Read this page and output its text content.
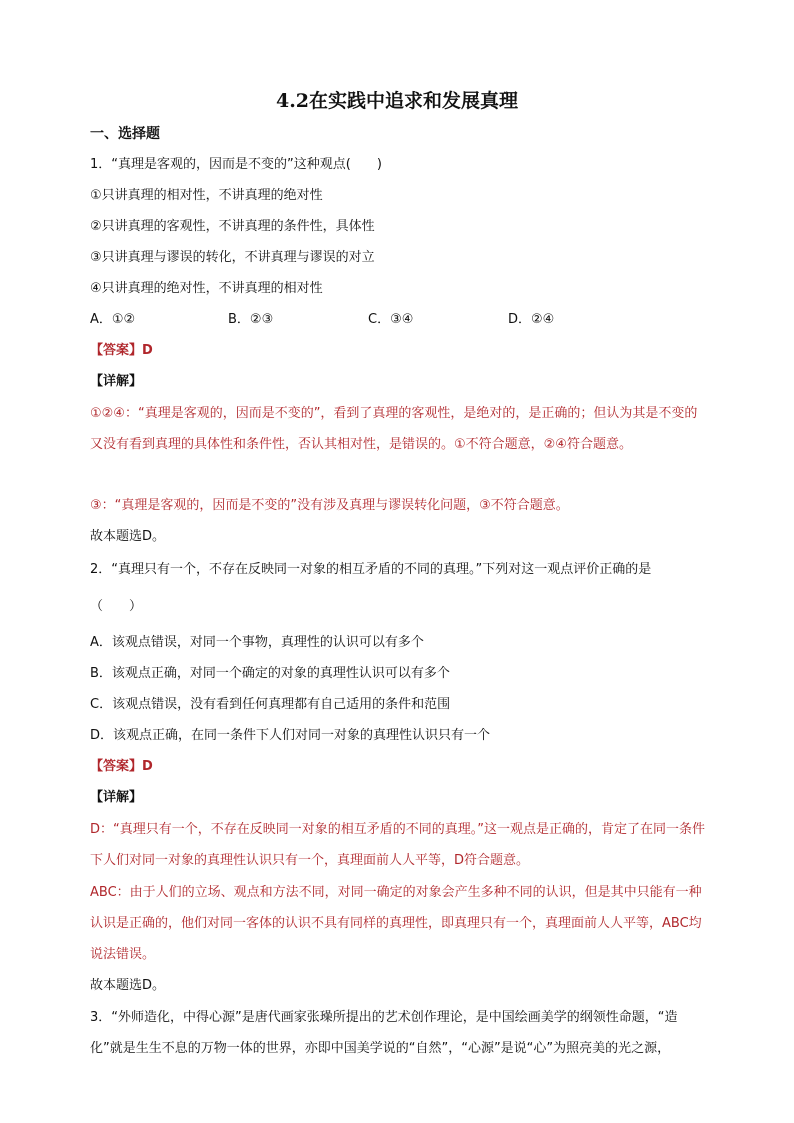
4.2在实践中追求和发展真理
一、选择题
1．“真理是客观的，因而是不变的”这种观点(　　)
①只讲真理的相对性，不讲真理的绝对性
②只讲真理的客观性，不讲真理的条件性，具体性
③只讲真理与谬误的转化，不讲真理与谬误的对立
④只讲真理的绝对性，不讲真理的相对性
A．①②	B．②③	C．③④	D．②④
【答案】D
【详解】
①②④：“真理是客观的，因而是不变的”，看到了真理的客观性，是绝对的，是正确的；但认为其是不变的又没有看到真理的具体性和条件性，否认其相对性，是错误的。①不符合题意，②④符合题意。
③：“真理是客观的，因而是不变的”没有涉及真理与谬误转化问题，③不符合题意。
故本题选D。
2．“真理只有一个，不存在反映同一对象的相互矛盾的不同的真理。”下列对这一观点评价正确的是
（　　）
A．该观点错误，对同一个事物，真理性的认识可以有多个
B．该观点正确，对同一个确定的对象的真理性认识可以有多个
C．该观点错误，没有看到任何真理都有自己适用的条件和范围
D．该观点正确，在同一条件下人们对同一对象的真理性认识只有一个
【答案】D
【详解】
D：“真理只有一个，不存在反映同一对象的相互矛盾的不同的真理。”这一观点是正确的，肯定了在同一条件下人们对同一对象的真理性认识只有一个，真理面前人人平等，D符合题意。
ABC：由于人们的立场、观点和方法不同，对同一确定的对象会产生多种不同的认识，但是其中只能有一种认识是正确的，他们对同一客体的认识不具有同样的真理性，即真理只有一个，真理面前人人平等，ABC均说法错误。
故本题选D。
3．“外师造化，中得心源”是唐代画家张璪所提出的艺术创作理论，是中国绘画美学的纲领性命题，“造化”就是生生不息的万物一体的世界，亦即中国美学说的“自然”，“心源”是说“心”为照亮美的光之源，
